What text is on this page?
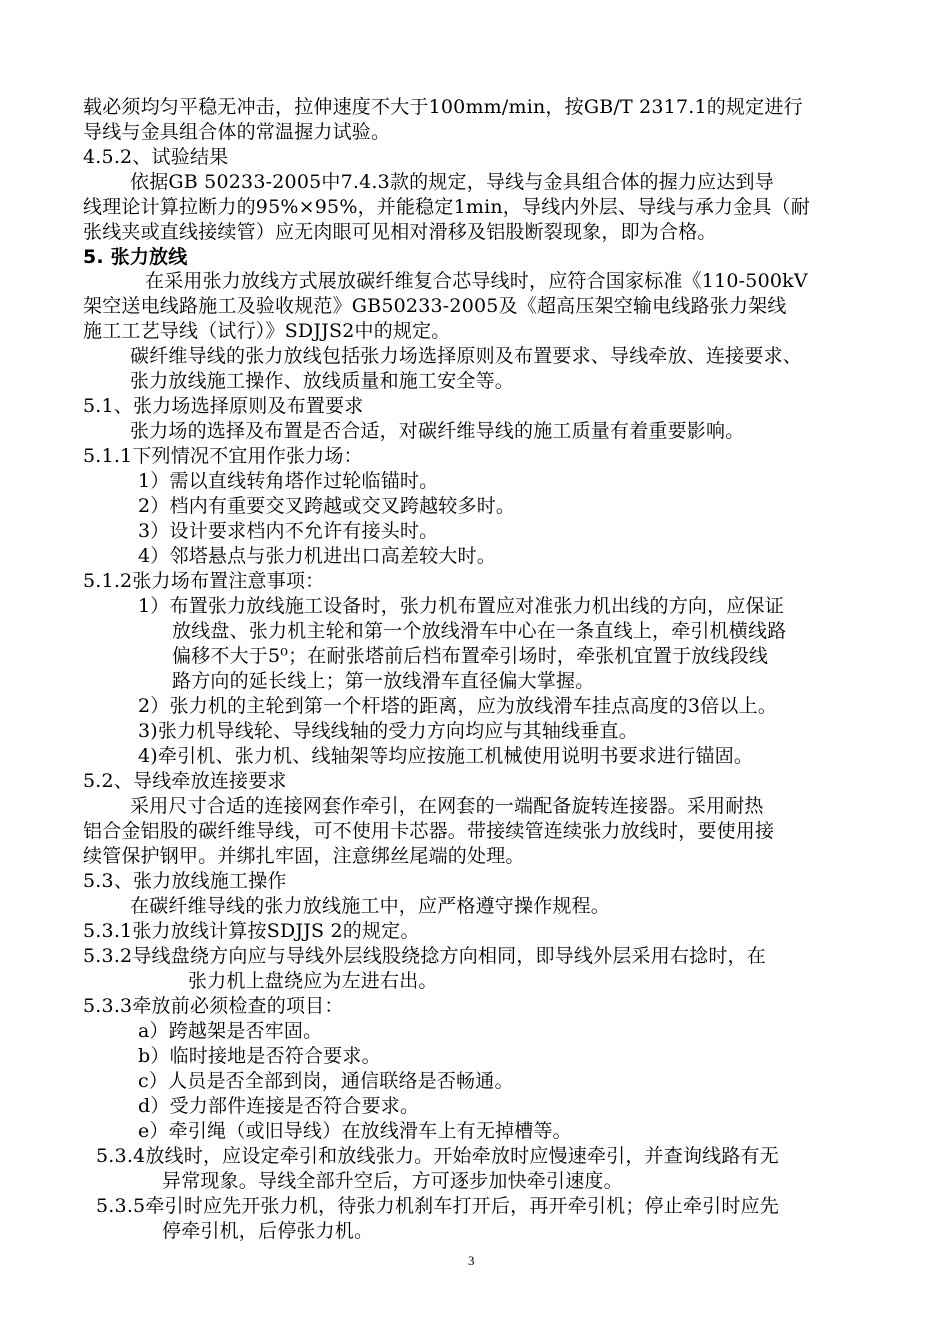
载必须均匀平稳无冲击，拉伸速度不大于100mm/min，按GB/T 2317.1的规定进行
导线与金具组合体的常温握力试验。
4.5.2、试验结果
依据GB 50233-2005中7.4.3款的规定，导线与金具组合体的握力应达到导
线理论计算拉断力的95%×95%，并能稳定1min，导线内外层、导线与承力金具（耐
张线夹或直线接续管）应无肉眼可见相对滑移及铝股断裂现象，即为合格。
5. 张力放线
在采用张力放线方式展放碳纤维复合芯导线时，应符合国家标准《110-500kV
架空送电线路施工及验收规范》GB50233-2005及《超高压架空输电线路张力架线
施工工艺导线（试行）》SDJJS2中的规定。
碳纤维导线的张力放线包括张力场选择原则及布置要求、导线牵放、连接要求、
张力放线施工操作、放线质量和施工安全等。
5.1、张力场选择原则及布置要求
张力场的选择及布置是否合适，对碳纤维导线的施工质量有着重要影响。
5.1.1下列情况不宜用作张力场：
1）需以直线转角塔作过轮临锚时。
2）档内有重要交叉跨越或交叉跨越较多时。
3）设计要求档内不允许有接头时。
4）邻塔悬点与张力机进出口高差较大时。
5.1.2张力场布置注意事项：
1）布置张力放线施工设备时，张力机布置应对准张力机出线的方向，应保证
放线盘、张力机主轮和第一个放线滑车中心在一条直线上，牵引机横线路
偏移不大于5⁰；在耐张塔前后档布置牵引场时，牵张机宜置于放线段线
路方向的延长线上；第一放线滑车直径偏大掌握。
2）张力机的主轮到第一个杆塔的距离，应为放线滑车挂点高度的3倍以上。
3)张力机导线轮、导线线轴的受力方向均应与其轴线垂直。
4)牵引机、张力机、线轴架等均应按施工机械使用说明书要求进行锚固。
5.2、导线牵放连接要求
采用尺寸合适的连接网套作牵引，在网套的一端配备旋转连接器。采用耐热
铝合金铝股的碳纤维导线，可不使用卡芯器。带接续管连续张力放线时，要使用接
续管保护钢甲。并绑扎牢固，注意绑丝尾端的处理。
5.3、张力放线施工操作
在碳纤维导线的张力放线施工中，应严格遵守操作规程。
5.3.1张力放线计算按SDJJS 2的规定。
5.3.2导线盘绕方向应与导线外层线股绕捻方向相同，即导线外层采用右捻时，在
张力机上盘绕应为左进右出。
5.3.3牵放前必须检查的项目：
a）跨越架是否牢固。
b）临时接地是否符合要求。
c）人员是否全部到岗，通信联络是否畅通。
d）受力部件连接是否符合要求。
e）牵引绳（或旧导线）在放线滑车上有无掉槽等。
5.3.4放线时，应设定牵引和放线张力。开始牵放时应慢速牵引，并查询线路有无
异常现象。导线全部升空后，方可逐步加快牵引速度。
5.3.5牵引时应先开张力机，待张力机刹车打开后，再开牵引机；停止牵引时应先
停牵引机，后停张力机。
3
